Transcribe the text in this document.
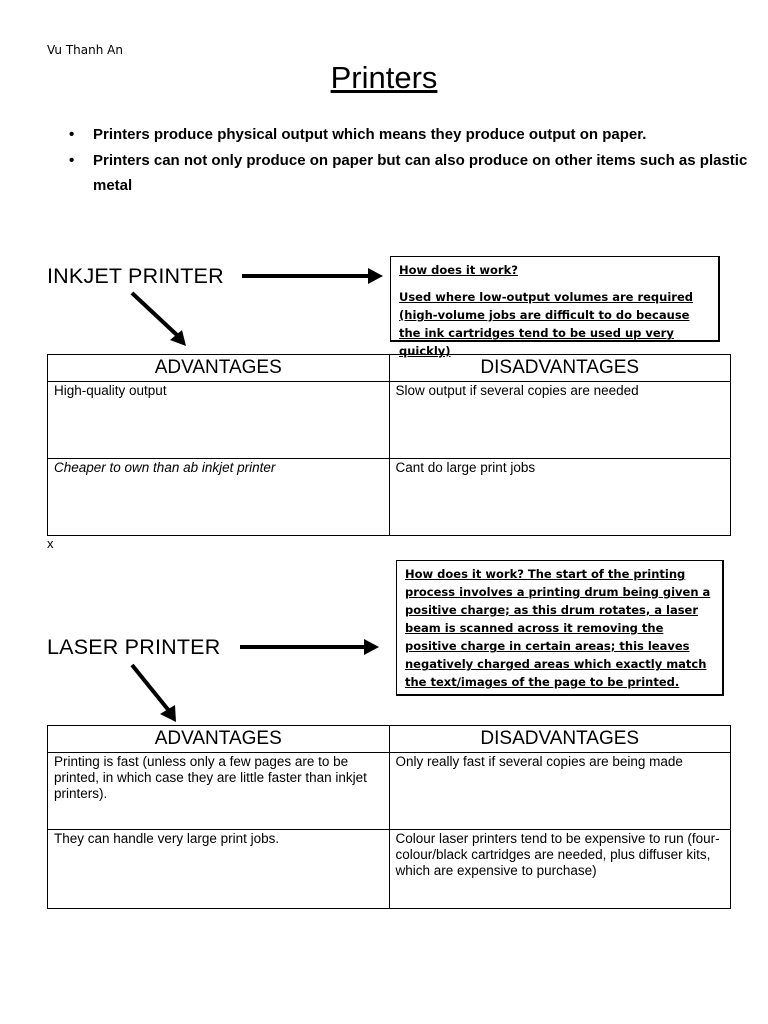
Vu Thanh An
Printers
• Printers produce physical output which means they produce output on paper.
• Printers can not only produce on paper but can also produce on other items such as plastic metal
INKJET PRINTER	How does it work?

Used where low-output volumes are required (high-volume jobs are difficult to do because the ink cartridges tend to be used up very quickly)

ADVANTAGES	DISADVANTAGES
High-quality output	Slow output if several copies are needed
Cheaper to own than ab inkjet printer	Cant do large print jobs
x

How does it work? The start of the printing process involves a printing drum being given a positive charge; as this drum rotates, a laser beam is scanned across it removing the positive charge in certain areas; this leaves negatively charged areas which exactly match the text/images of the page to be printed.

LASER PRINTER
ADVANTAGES	DISADVANTAGES
Printing is fast (unless only a few pages are to be printed, in which case they are little faster than inkjet printers).	Only really fast if several copies are being made
They can handle very large print jobs.	Colour laser printers tend to be expensive to run (four-colour/black cartridges are needed, plus diffuser kits, which are expensive to purchase)
